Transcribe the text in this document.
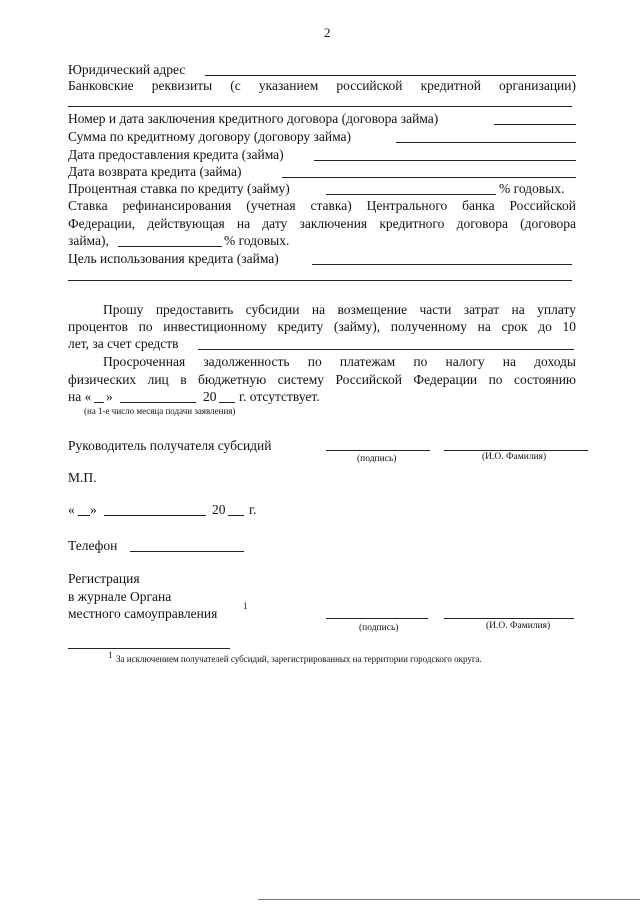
2
Юридический адрес
Банковские реквизиты (с указанием российской кредитной организации)
Номер и дата заключения кредитного договора (договора займа)
Сумма по кредитному договору (договору займа)
Дата предоставления кредита (займа)
Дата возврата кредита (займа)
Процентная ставка по кредиту (займу)	% годовых.
Ставка рефинансирования (учетная ставка) Центрального банка Российской
Федерации, действующая на дату заключения кредитного договора (договора
займа),	% годовых.
Цель использования кредита (займа)
Прошу предоставить субсидии на возмещение части затрат на уплату
процентов по инвестиционному кредиту (займу), полученному на срок до 10
лет, за счет средств
Просроченная задолженность по платежам по налогу на доходы
физических лиц в бюджетную систему Российской Федерации по состоянию
на « »	20 г. отсутствует.
(на 1-е число месяца подачи заявления)
Руководитель получателя субсидий
(подпись)	(И.О. Фамилия)
М.П.
« »	20 г.
Телефон
Регистрация
в журнале Органа
местного самоуправления	1
(подпись)	(И.О. Фамилия)
1 За исключением получателей субсидий, зарегистрированных на территории городского округа.
